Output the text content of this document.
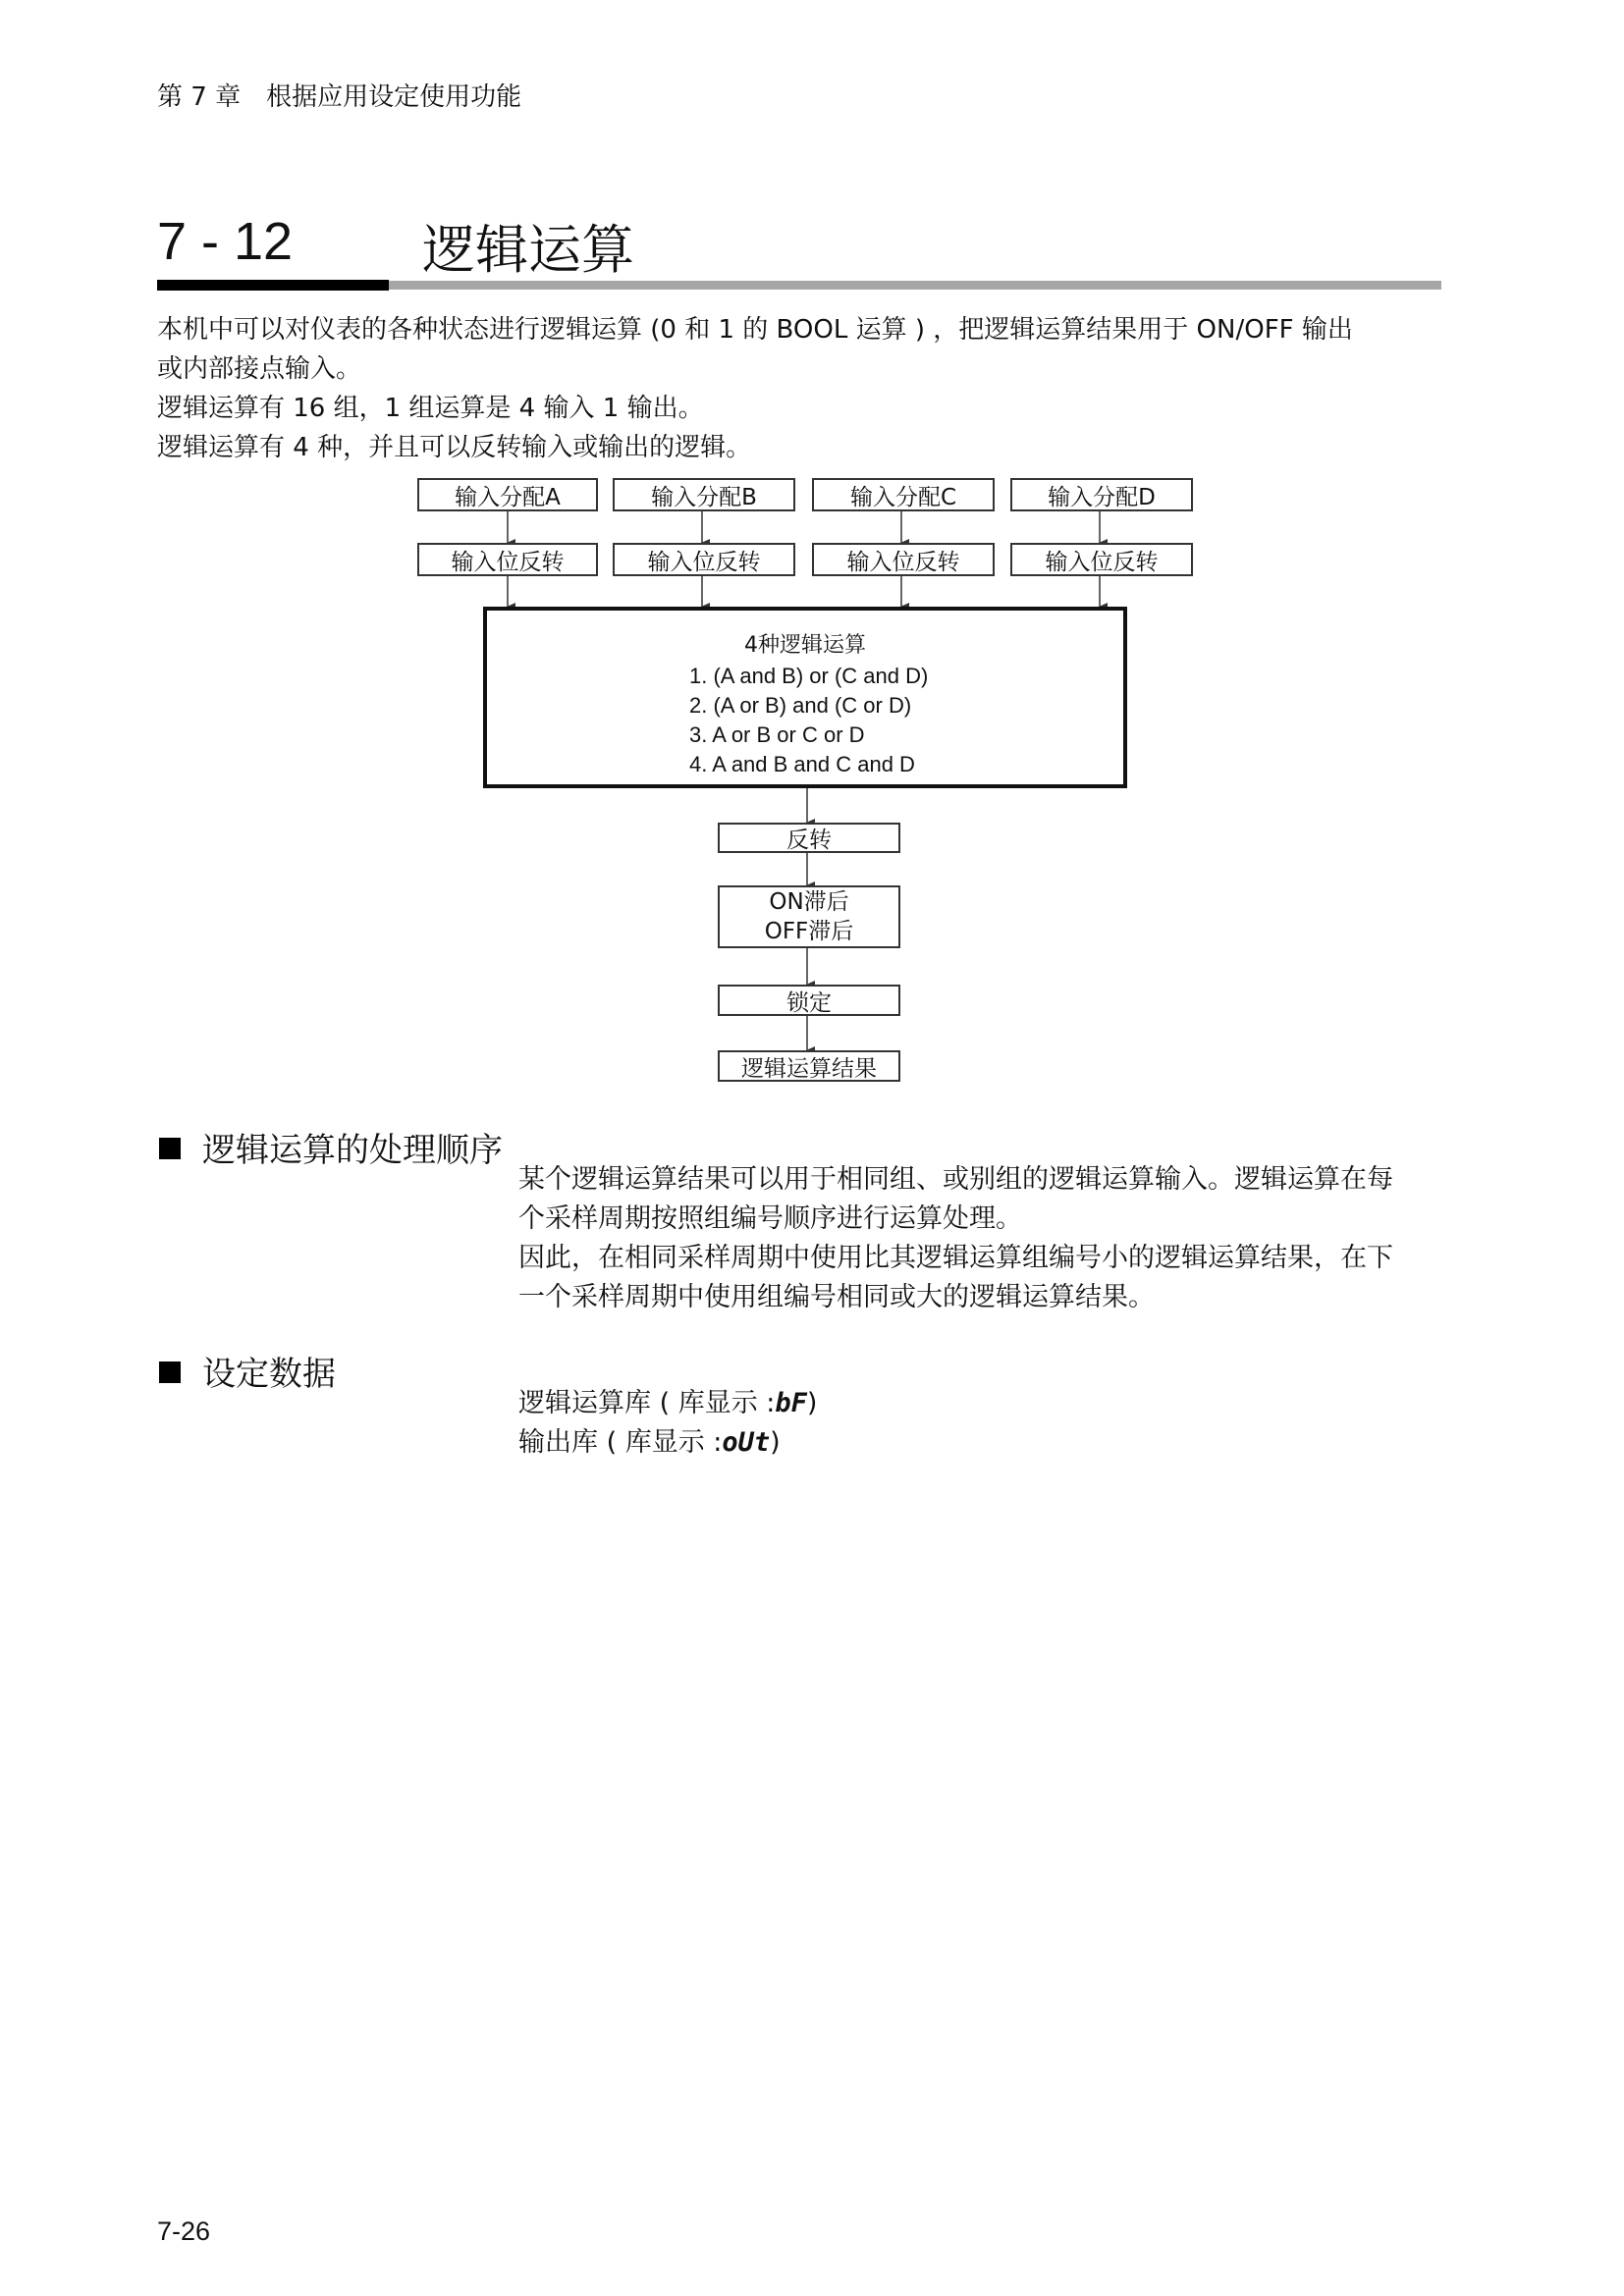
第 7 章　根据应用设定使用功能
7 - 12 逻辑运算

本机中可以对仪表的各种状态进行逻辑运算 (0 和 1 的 BOOL 运算 ) ，把逻辑运算结果用于 ON/OFF 输出

或内部接点输入。

逻辑运算有 16 组，1 组运算是 4 输入 1 输出。

逻辑运算有 4 种，并且可以反转输入或输出的逻辑。

输入分配A	输入分配B	输入分配C	输入分配D
输入位反转	输入位反转	输入位反转	输入位反转
4种逻辑运算
1. (A and B) or (C and D)
2. (A or B) and (C or D)
3. A or B or C or D
4. A and B and C and D
反转
ON滞后
OFF滞后
锁定
逻辑运算结果
逻辑运算的处理顺序

某个逻辑运算结果可以用于相同组、或别组的逻辑运算输入。逻辑运算在每

个采样周期按照组编号顺序进行运算处理。

因此，在相同采样周期中使用比其逻辑运算组编号小的逻辑运算结果，在下

一个采样周期中使用组编号相同或大的逻辑运算结果。

设定数据

逻辑运算库 ( 库显示 :bF)

输出库 ( 库显示 :oUt)

7-26
